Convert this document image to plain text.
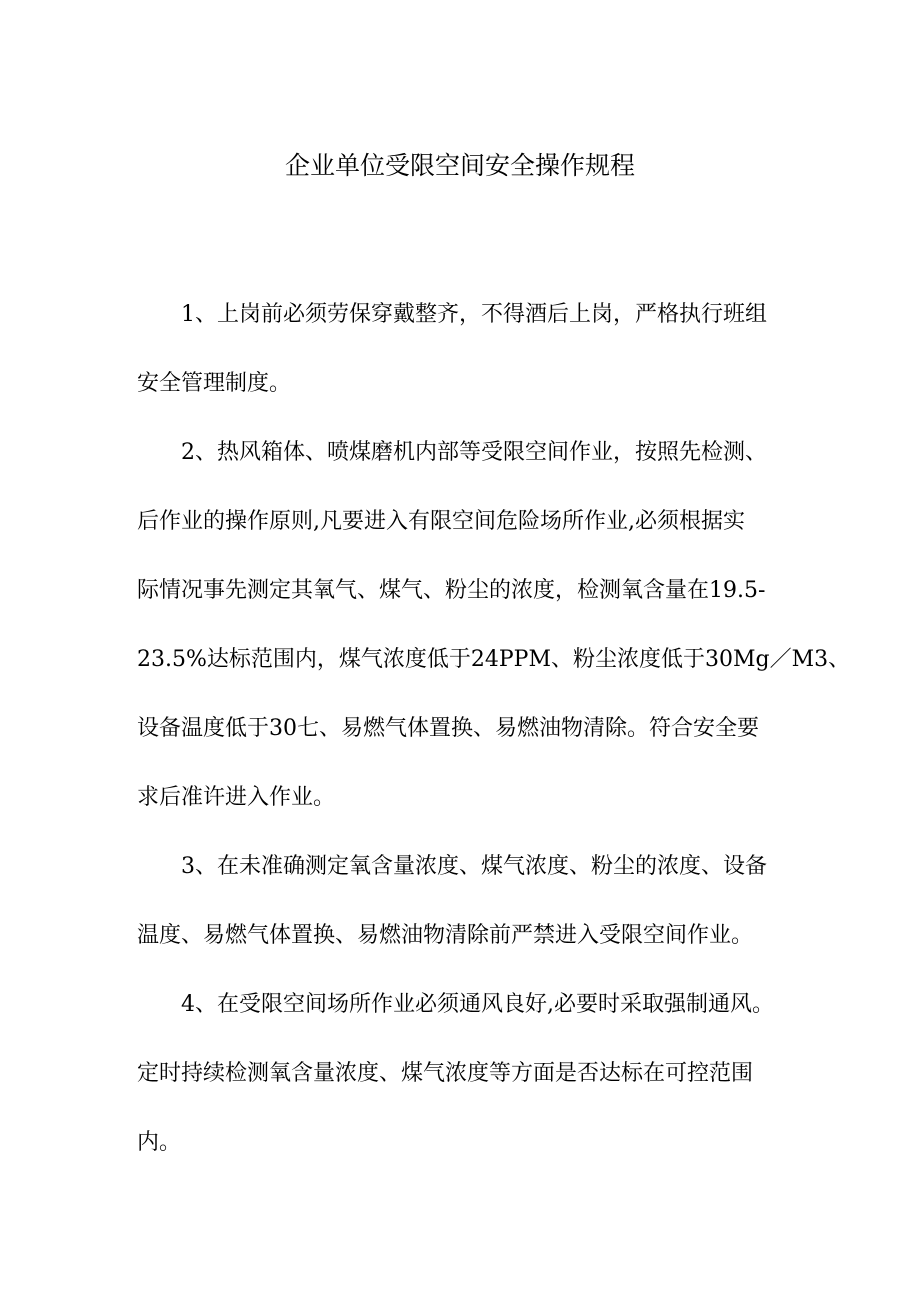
企业单位受限空间安全操作规程
1、上岗前必须劳保穿戴整齐，不得酒后上岗，严格执行班组
安全管理制度。
2、热风箱体、喷煤磨机内部等受限空间作业，按照先检测、
后作业的操作原则,凡要进入有限空间危险场所作业,必须根据实
际情况事先测定其氧气、煤气、粉尘的浓度，检测氧含量在19.5-
23.5%达标范围内，煤气浓度低于24PPM、粉尘浓度低于30Mg／M3、
设备温度低于30七、易燃气体置换、易燃油物清除。符合安全要
求后准许进入作业。
3、在未准确测定氧含量浓度、煤气浓度、粉尘的浓度、设备
温度、易燃气体置换、易燃油物清除前严禁进入受限空间作业。
4、在受限空间场所作业必须通风良好,必要时采取强制通风。
定时持续检测氧含量浓度、煤气浓度等方面是否达标在可控范围
内。
